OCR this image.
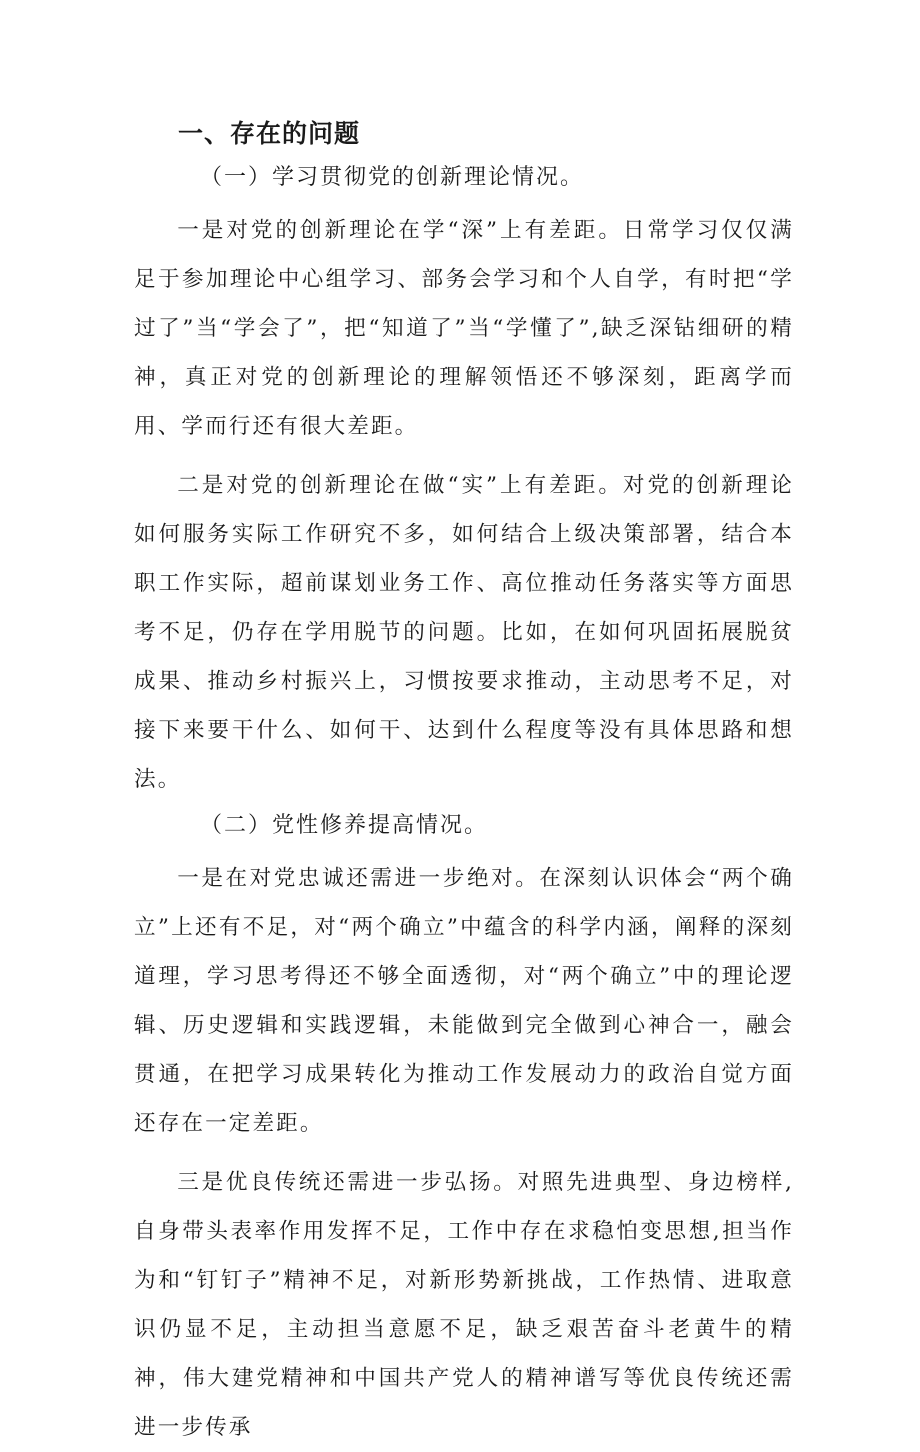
一、存在的问题
（一）学习贯彻党的创新理论情况。

一是对党的创新理论在学“深”上有差距。日常学习仅仅满足于参加理论中心组学习、部务会学习和个人自学，有时把“学过了”当“学会了”，把“知道了”当“学懂了”,缺乏深钻细研的精神，真正对党的创新理论的理解领悟还不够深刻，距离学而用、学而行还有很大差距。

二是对党的创新理论在做“实”上有差距。对党的创新理论如何服务实际工作研究不多，如何结合上级决策部署，结合本职工作实际，超前谋划业务工作、高位推动任务落实等方面思考不足，仍存在学用脱节的问题。比如，在如何巩固拓展脱贫成果、推动乡村振兴上，习惯按要求推动，主动思考不足，对接下来要干什么、如何干、达到什么程度等没有具体思路和想法。

（二）党性修养提高情况。

一是在对党忠诚还需进一步绝对。在深刻认识体会“两个确立”上还有不足，对“两个确立”中蕴含的科学内涵，阐释的深刻道理，学习思考得还不够全面透彻，对“两个确立”中的理论逻辑、历史逻辑和实践逻辑，未能做到完全做到心神合一，融会贯通，在把学习成果转化为推动工作发展动力的政治自觉方面还存在一定差距。

三是优良传统还需进一步弘扬。对照先进典型、身边榜样,自身带头表率作用发挥不足，工作中存在求稳怕变思想,担当作为和“钉钉子”精神不足，对新形势新挑战，工作热情、进取意识仍显不足，主动担当意愿不足，缺乏艰苦奋斗老黄牛的精神，伟大建党精神和中国共产党人的精神谱写等优良传统还需进一步传承
